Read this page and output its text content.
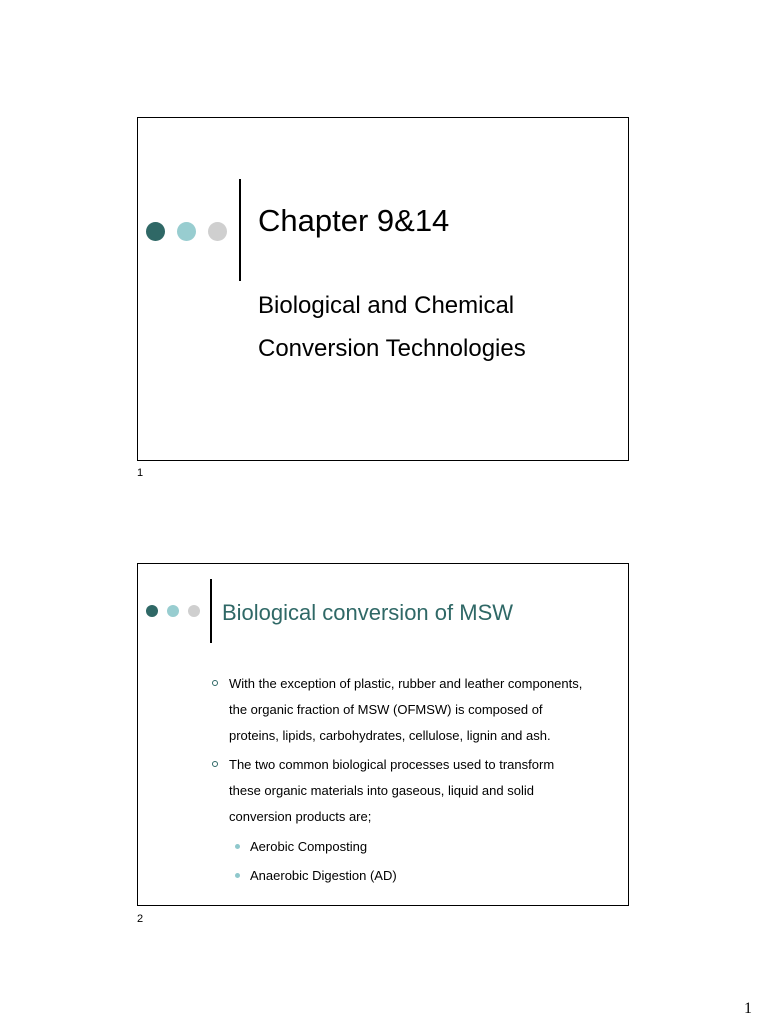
Chapter 9&14
Biological and Chemical
Conversion Technologies
1
Biological conversion of MSW
With the exception of plastic, rubber and leather components,
the organic fraction of MSW (OFMSW) is composed of
proteins, lipids, carbohydrates, cellulose, lignin and ash.
The two common biological processes used to transform
these organic materials into gaseous, liquid and solid
conversion products are;
Aerobic Composting
Anaerobic Digestion (AD)
2
1
